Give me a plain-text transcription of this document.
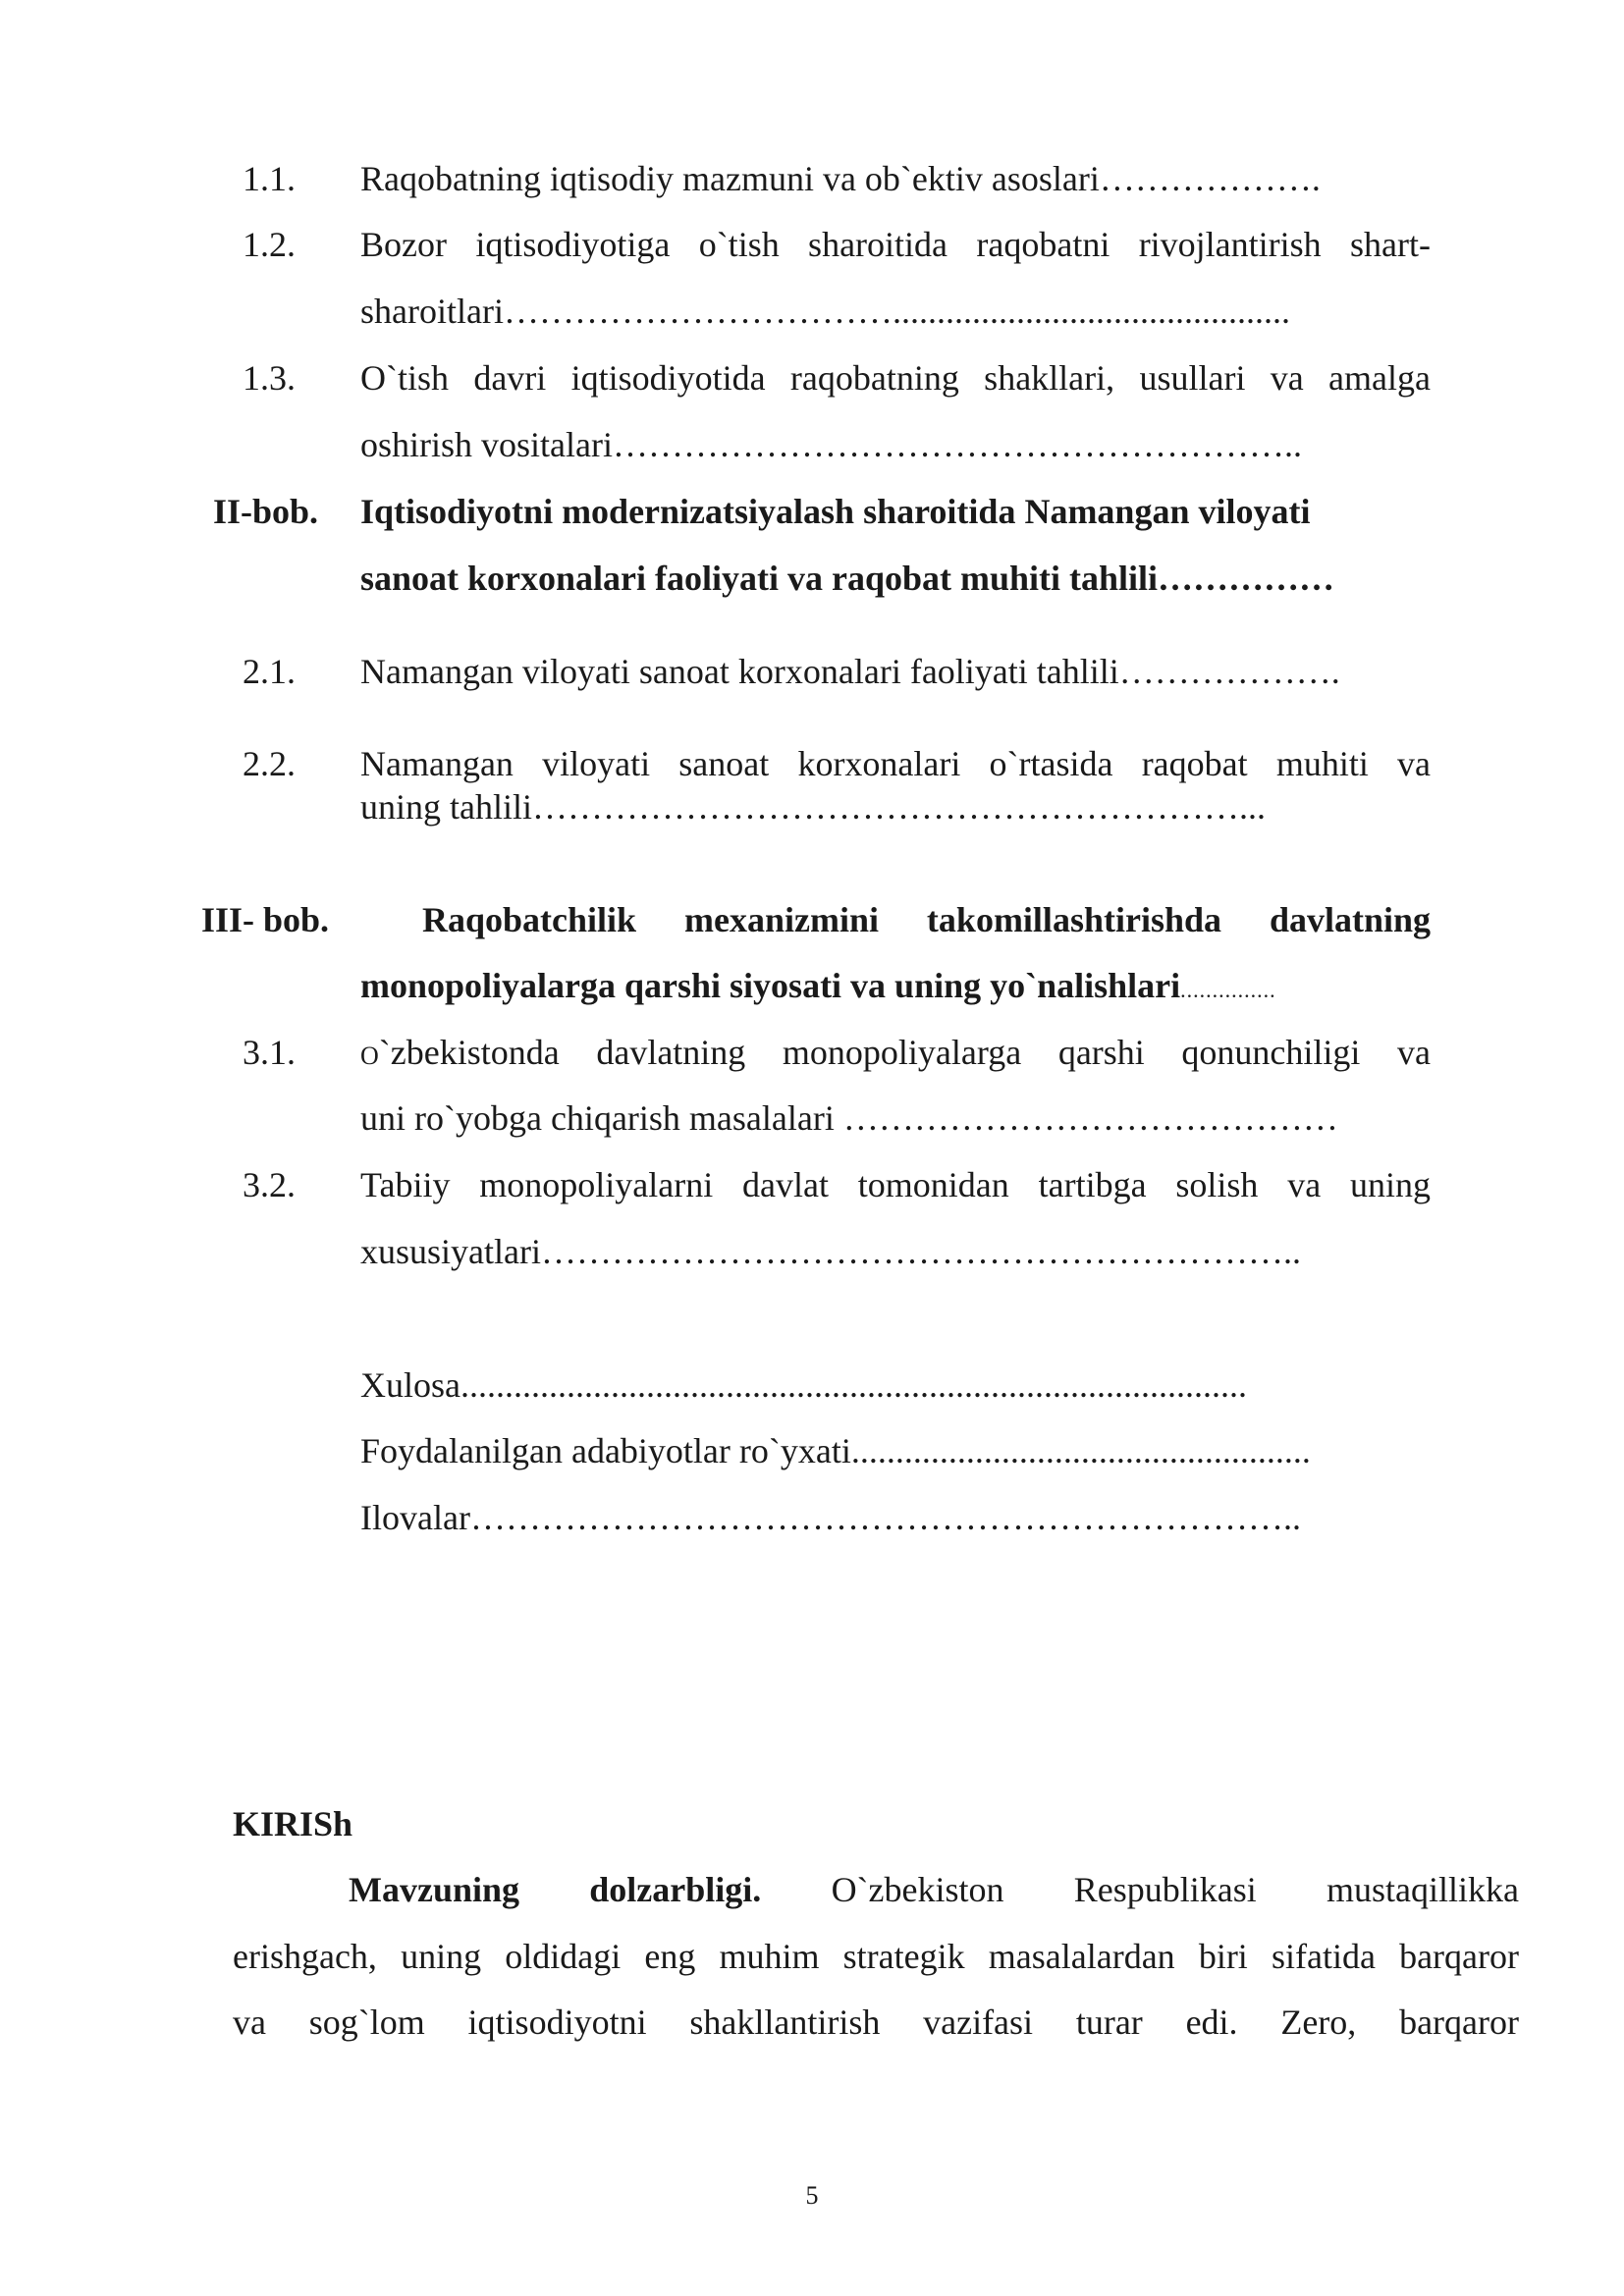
1.1. Raqobatning iqtisodiy mazmuni va ob`ektiv asoslari……………….
1.2. Bozor iqtisodiyotiga o`tish sharoitida raqobatni rivojlantirish shart-
sharoitlari…………………………….............................................
1.3. O`tish davri iqtisodiyotida raqobatning shakllari, usullari va amalga
oshirish vositalari…………………………………………………..
II-bob. Iqtisodiyotni modernizatsiyalash sharoitida Namangan viloyati
sanoat korxonalari faoliyati va raqobat muhiti tahlili……………
2.1. Namangan viloyati sanoat korxonalari faoliyati tahlili……………….
2.2. Namangan viloyati sanoat korxonalari o`rtasida raqobat muhiti va
uning tahlili……………………………………………………...
III- bob.	Raqobatchilik mexanizmini takomillashtirishda davlatning
monopoliyalarga qarshi siyosati va uning yo`nalishlari...............
3.1.	O`zbekistonda davlatning monopoliyalarga qarshi qonunchiligi va
uni ro`yobga chiqarish masalalari ……………………………………
3.2. Tabiiy monopoliyalarni davlat tomonidan tartibga solish va uning
xususiyatlari………………………………………………………..
Xulosa.........................................................................................
Foydalanilgan adabiyotlar ro`yxati....................................................
Ilovalar……………………………………………………………..
KIRISh
Mavzuning dolzarbligi. O`zbekiston Respublikasi mustaqillikka
erishgach, uning oldidagi eng muhim strategik masalalardan biri sifatida barqaror
va sog`lom iqtisodiyotni shakllantirish vazifasi turar edi. Zero, barqaror
5
